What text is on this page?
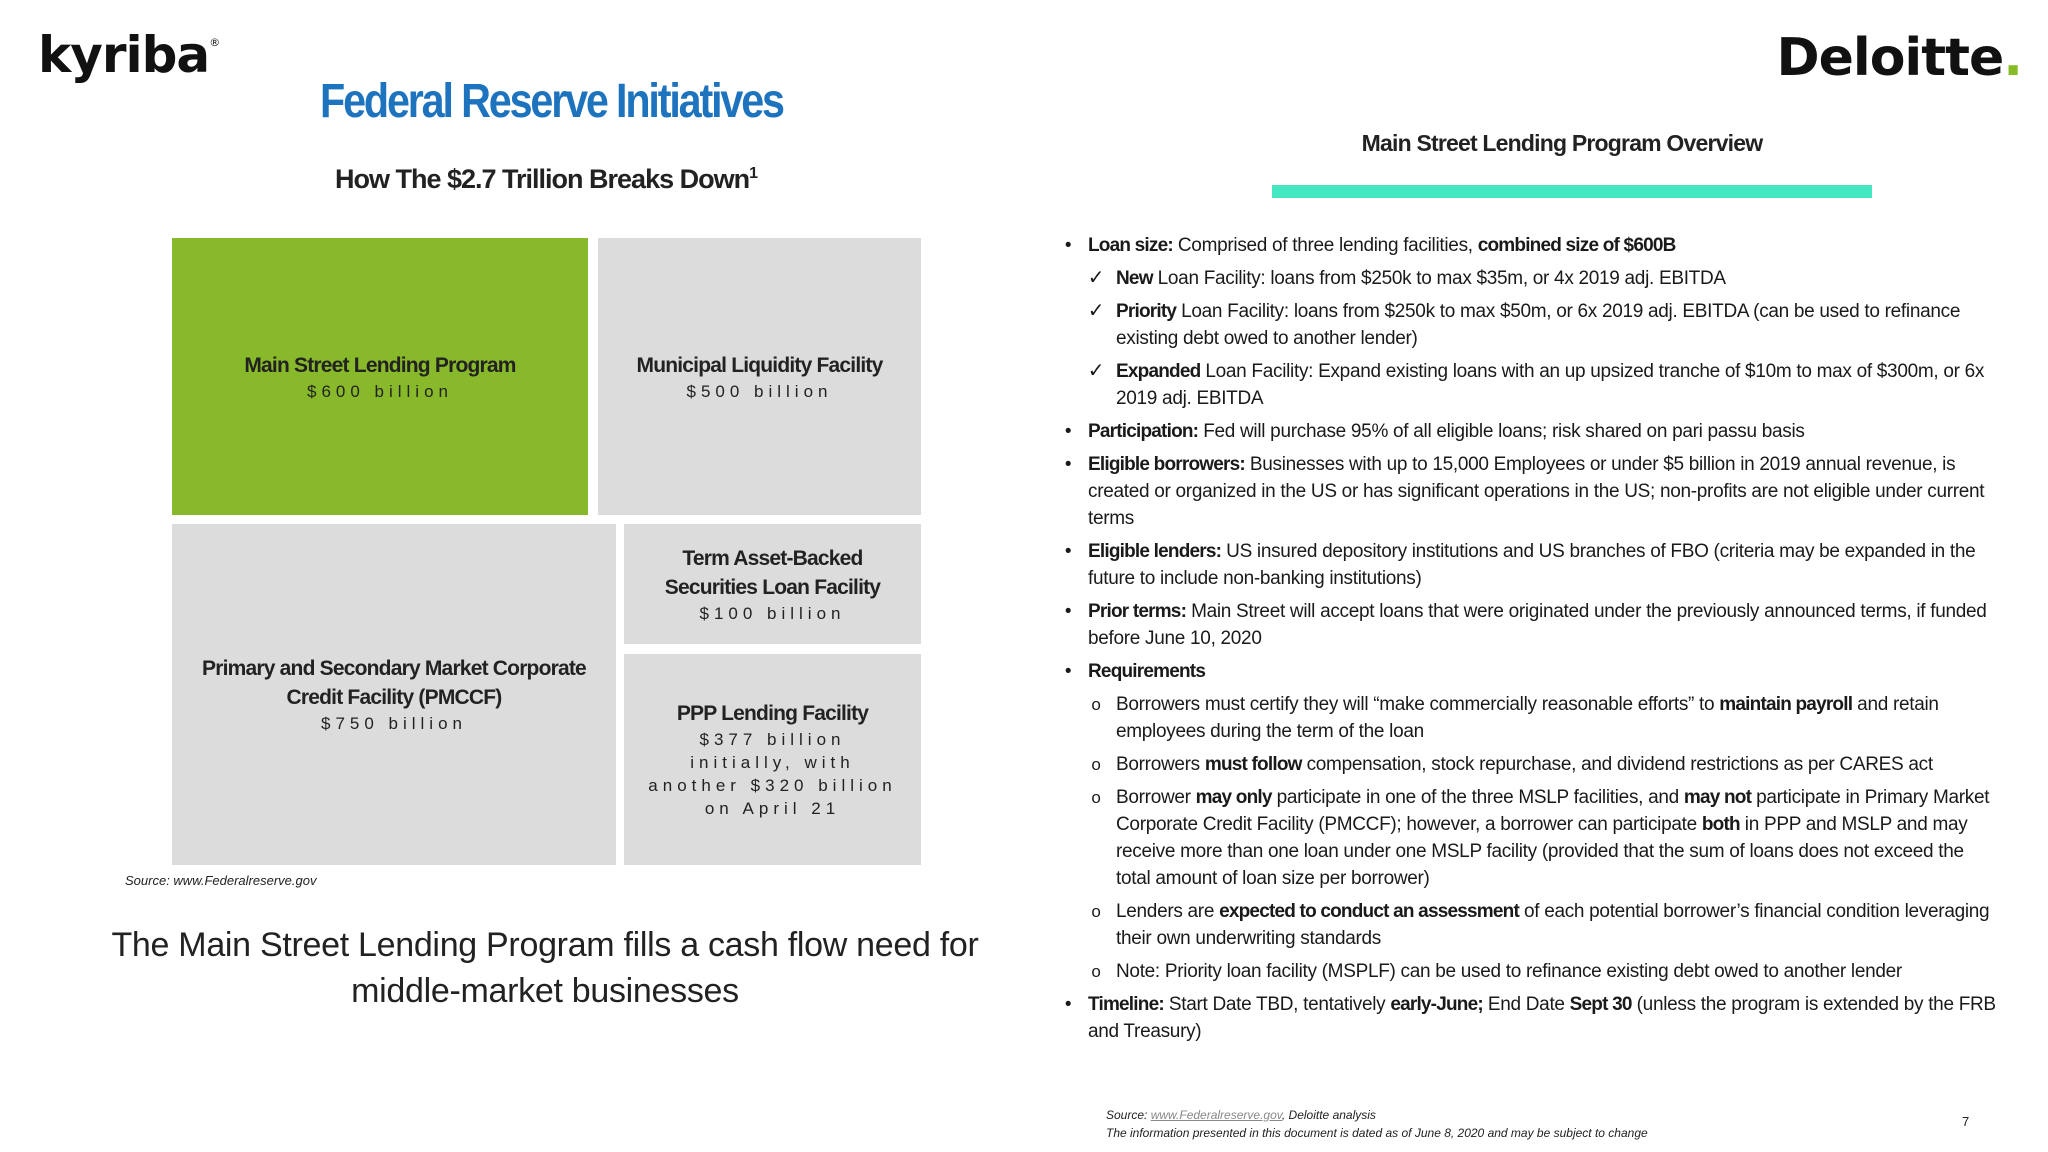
kyriba®	Deloitte.
Federal Reserve Initiatives
How The $2.7 Trillion Breaks Down$^1$
Main Street Lending Program
$600 billion
Municipal Liquidity Facility
$500 billion
Primary and Secondary Market Corporate Credit Facility (PMCCF)
$750 billion
Term Asset-Backed Securities Loan Facility
$100 billion
PPP Lending Facility
$377 billion initially, with another $320 billion on April 21
Source: www.Federalreserve.gov
The Main Street Lending Program fills a cash flow need for middle-market businesses
Main Street Lending Program Overview
• Loan size: Comprised of three lending facilities, combined size of $600B
✓ New Loan Facility: loans from $250k to max $35m, or 4x 2019 adj. EBITDA
✓ Priority Loan Facility: loans from $250k to max $50m, or 6x 2019 adj. EBITDA (can be used to refinance existing debt owed to another lender)
✓ Expanded Loan Facility: Expand existing loans with an up upsized tranche of $10m to max of $300m, or 6x 2019 adj. EBITDA
• Participation: Fed will purchase 95% of all eligible loans; risk shared on pari passu basis
• Eligible borrowers: Businesses with up to 15,000 Employees or under $5 billion in 2019 annual revenue, is created or organized in the US or has significant operations in the US; non-profits are not eligible under current terms
• Eligible lenders: US insured depository institutions and US branches of FBO (criteria may be expanded in the future to include non-banking institutions)
• Prior terms: Main Street will accept loans that were originated under the previously announced terms, if funded before June 10, 2020
• Requirements
o Borrowers must certify they will “make commercially reasonable efforts” to maintain payroll and retain employees during the term of the loan
o Borrowers must follow compensation, stock repurchase, and dividend restrictions as per CARES act
o Borrower may only participate in one of the three MSLP facilities, and may not participate in Primary Market Corporate Credit Facility (PMCCF); however, a borrower can participate both in PPP and MSLP and may receive more than one loan under one MSLP facility (provided that the sum of loans does not exceed the total amount of loan size per borrower)
o Lenders are expected to conduct an assessment of each potential borrower’s financial condition leveraging their own underwriting standards
o Note: Priority loan facility (MSPLF) can be used to refinance existing debt owed to another lender
• Timeline: Start Date TBD, tentatively early-June; End Date Sept 30 (unless the program is extended by the FRB and Treasury)
Source: www.Federalreserve.gov, Deloitte analysis
The information presented in this document is dated as of June 8, 2020 and may be subject to change
7
